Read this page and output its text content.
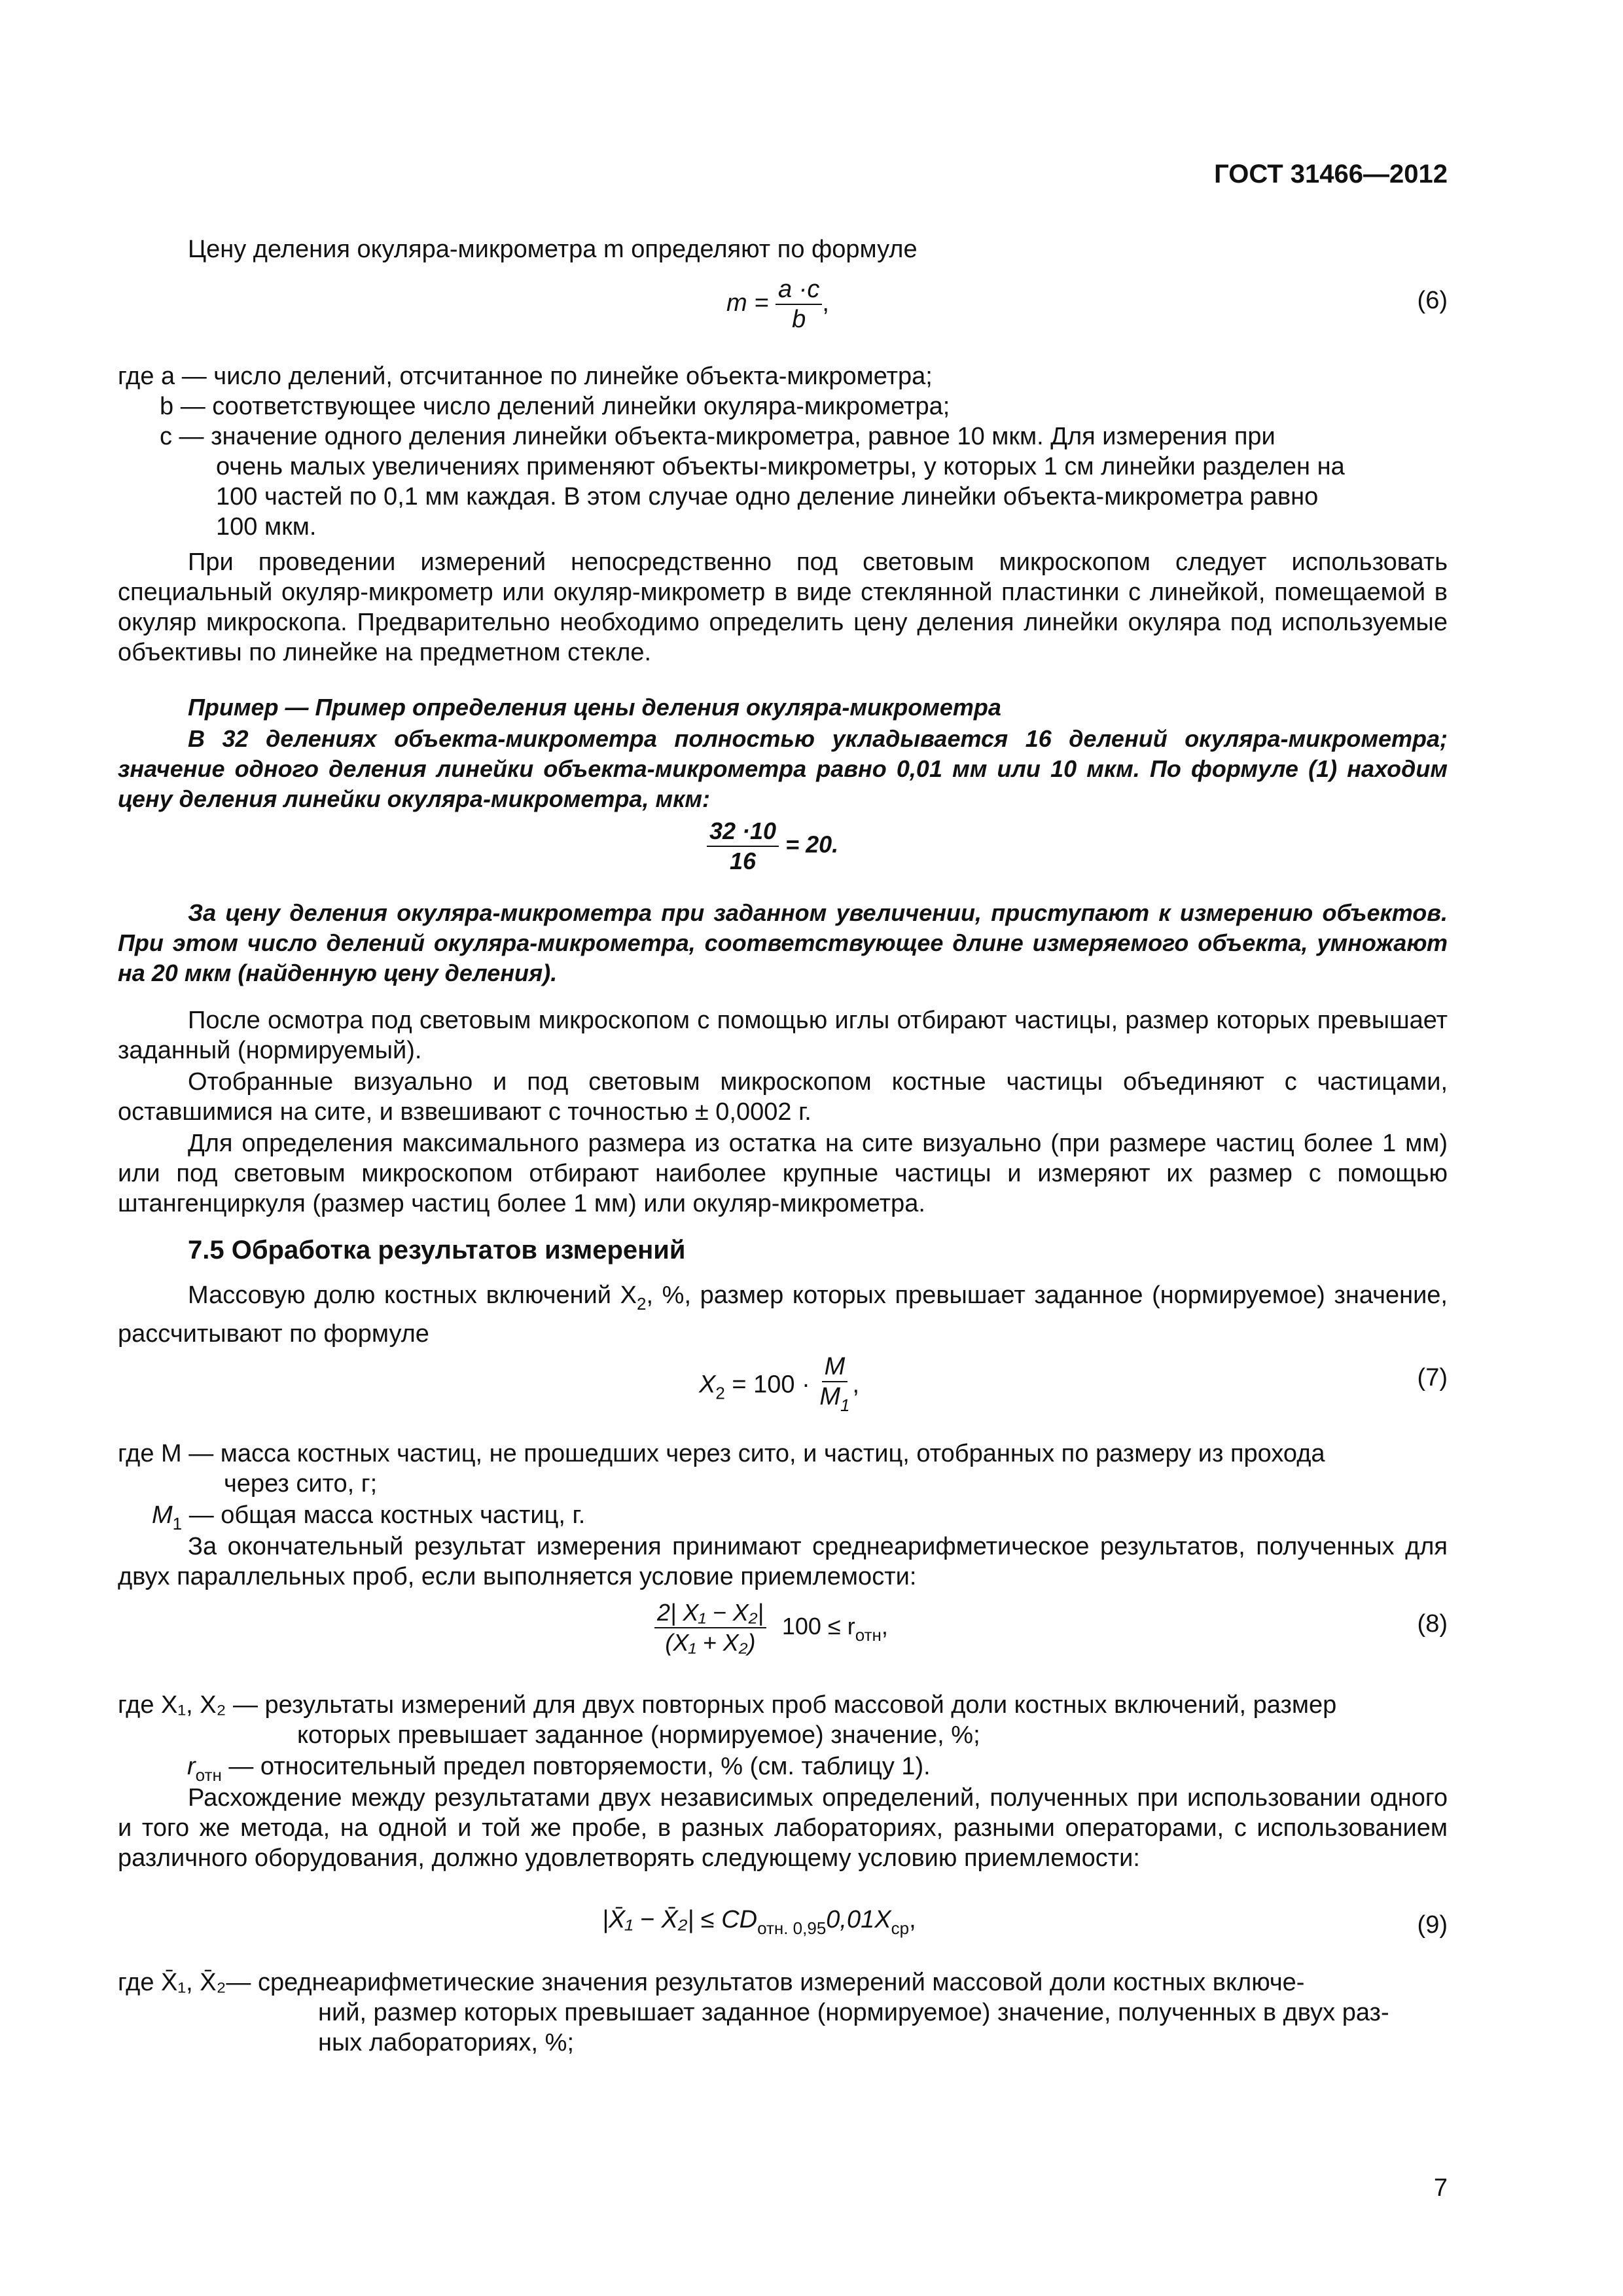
ГОСТ 31466—2012
Цену деления окуляра-микрометра m определяют по формуле
$m = \frac{a \cdot c}{b}$ ,	(6)
где a — число делений, отсчитанное по линейке объекта-микрометра;
b — соответствующее число делений линейки окуляра-микрометра;
c — значение одного деления линейки объекта-микрометра, равное 10 мкм. Для измерения при
очень малых увеличениях применяют объекты-микрометры, у которых 1 см линейки разделен на
100 частей по 0,1 мм каждая. В этом случае одно деление линейки объекта-микрометра равно
100 мкм.
При проведении измерений непосредственно под световым микроскопом следует использовать специальный окуляр-микрометр или окуляр-микрометр в виде стеклянной пластинки с линейкой, помещаемой в окуляр микроскопа. Предварительно необходимо определить цену деления линейки окуляра под используемые объективы по линейке на предметном стекле.
Пример — Пример определения цены деления окуляра-микрометра
В 32 делениях объекта-микрометра полностью укладывается 16 делений окуляра-микрометра; значение одного деления линейки объекта-микрометра равно 0,01 мм или 10 мкм. По формуле (1) находим цену деления линейки окуляра-микрометра, мкм:
$\frac{32 \cdot 10}{16} = 20$.
За цену деления окуляра-микрометра при заданном увеличении, приступают к измерению объектов. При этом число делений окуляра-микрометра, соответствующее длине измеряемого объекта, умножают на 20 мкм (найденную цену деления).
После осмотра под световым микроскопом с помощью иглы отбирают частицы, размер которых превышает заданный (нормируемый).
Отобранные визуально и под световым микроскопом костные частицы объединяют с частицами, оставшимися на сите, и взвешивают с точностью ± 0,0002 г.
Для определения максимального размера из остатка на сите визуально (при размере частиц более 1 мм) или под световым микроскопом отбирают наиболее крупные частицы и измеряют их размер с помощью штангенциркуля (размер частиц более 1 мм) или окуляр-микрометра.
7.5 Обработка результатов измерений
Массовую долю костных включений $X_2$, %, размер которых превышает заданное (нормируемое) значение, рассчитывают по формуле
$X_2 = 100 \cdot \frac{M}{M_1}$ ,	(7)
где M — масса костных частиц, не прошедших через сито, и частиц, отобранных по размеру из прохода
через сито, г;
$M_1$ — общая масса костных частиц, г.
За окончательный результат измерения принимают среднеарифметическое результатов, полученных для двух параллельных проб, если выполняется условие приемлемости:
$\frac{\text{2| X₁ − X₂|}}{\text{(X₁ + X₂)}} 100 \le r_{отн}$,	(8)
где X₁, X₂ — результаты измерений для двух повторных проб массовой доли костных включений, размер
которых превышает заданное (нормируемое) значение, %;
$r_{отн}$ — относительный предел повторяемости, % (см. таблицу 1).
Расхождение между результатами двух независимых определений, полученных при использовании одного и того же метода, на одной и той же пробе, в разных лабораториях, разными операторами, с использованием различного оборудования, должно удовлетворять следующему условию приемлемости:
|X̄₁ − X̄₂| ≤ $CD_{отн. 0,95}0,01X_{ср}$,	(9)
где X̄₁, X̄₂— среднеарифметические значения результатов измерений массовой доли костных включе-
ний, размер которых превышает заданное (нормируемое) значение, полученных в двух раз-
ных лабораториях, %;
7
